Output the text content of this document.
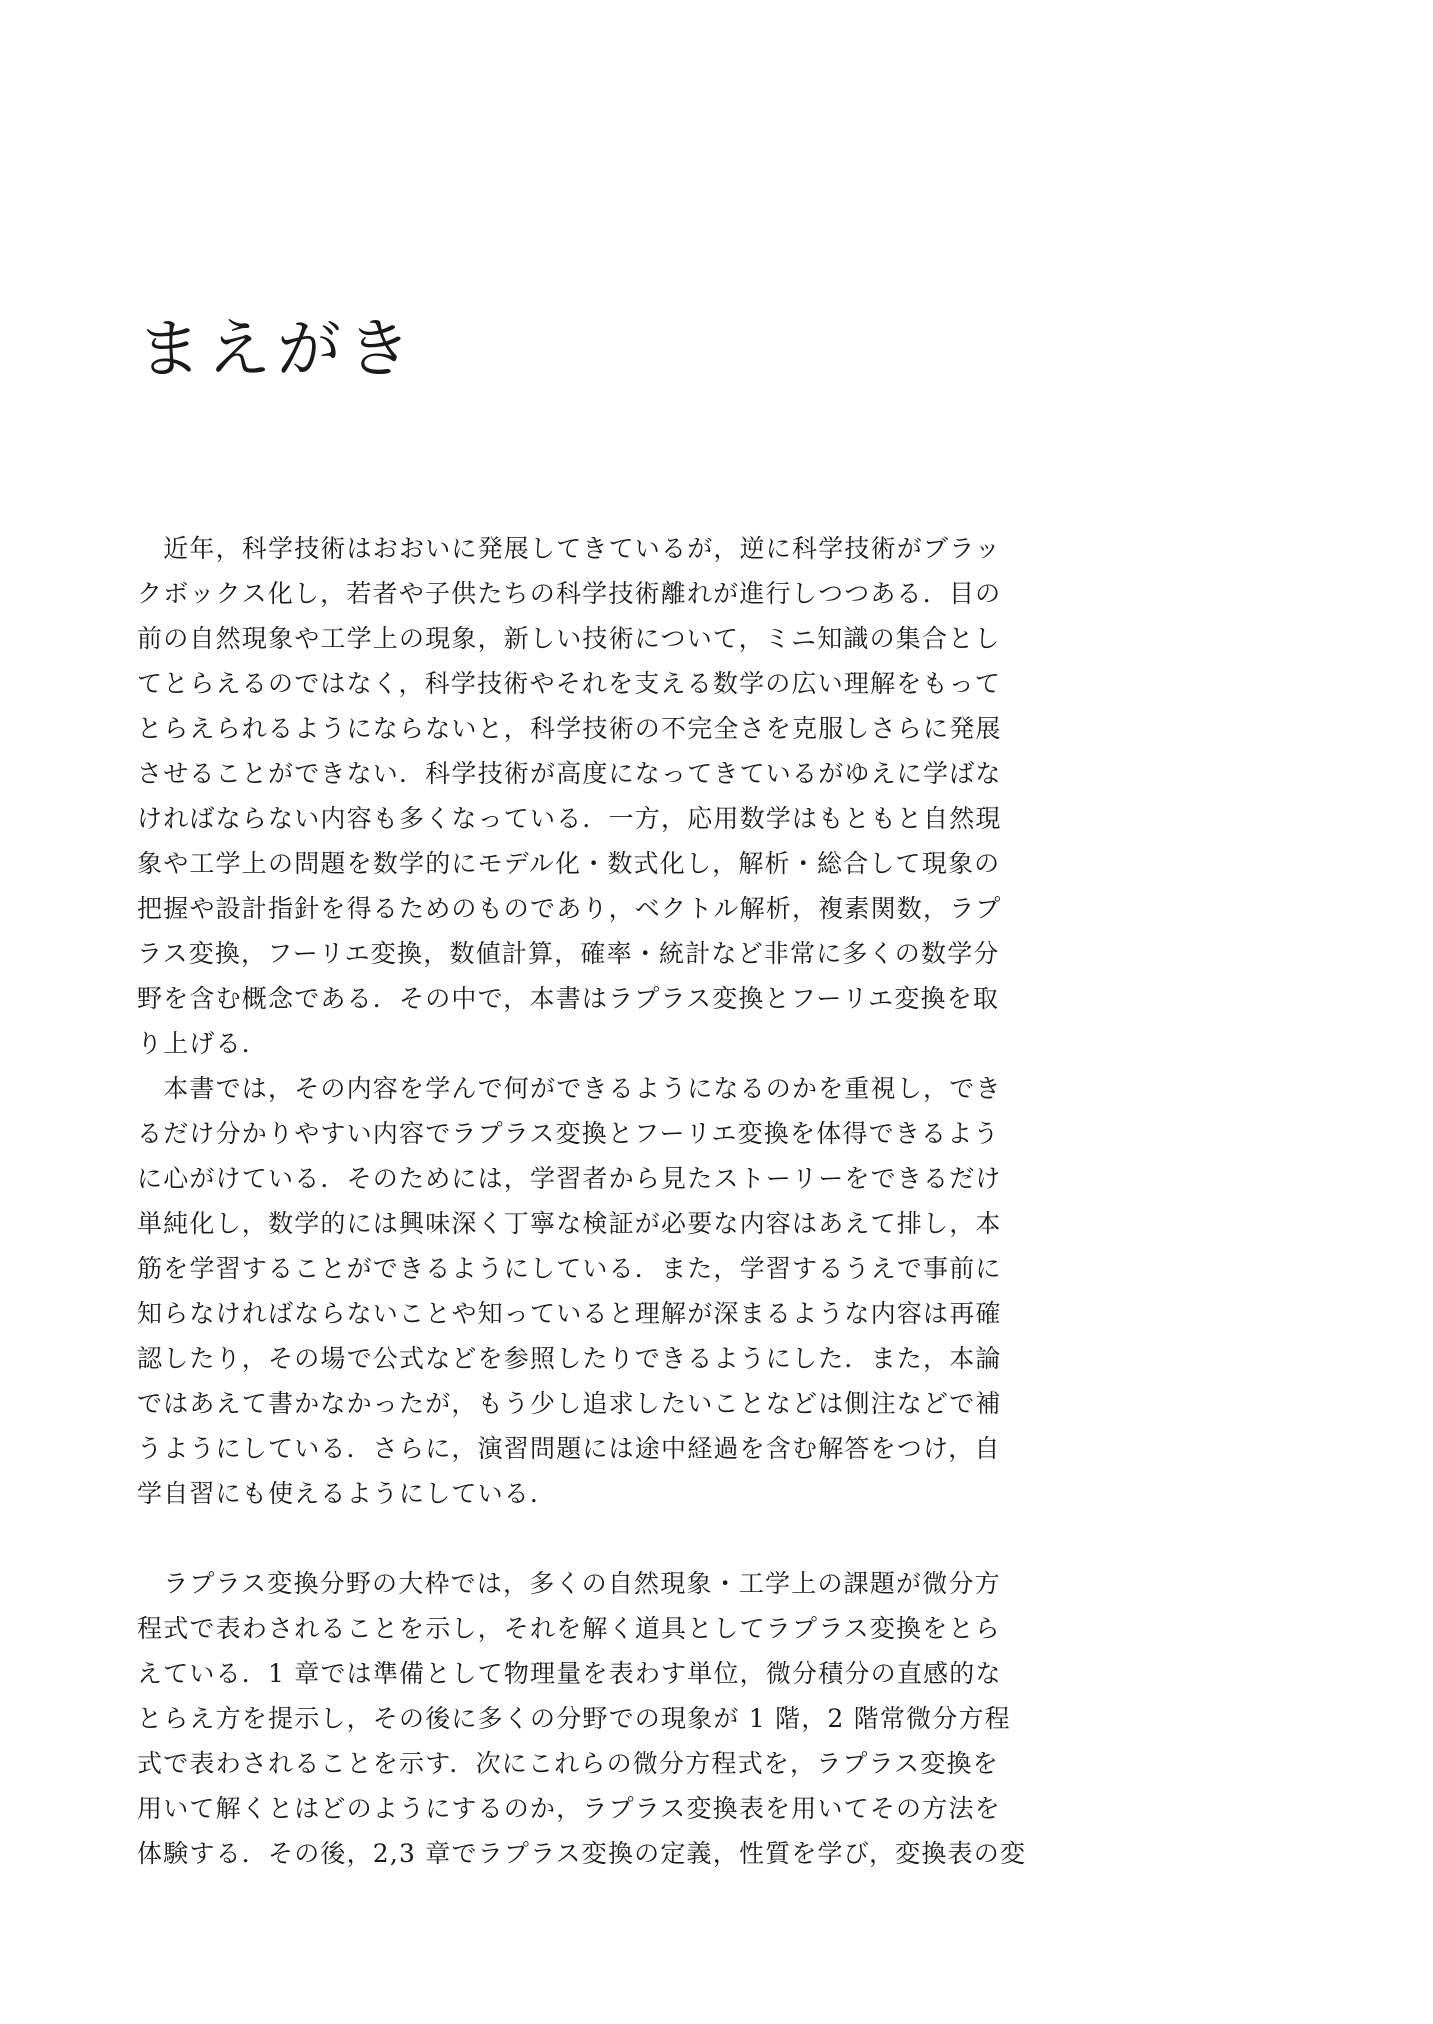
まえがき
　近年，科学技術はおおいに発展してきているが，逆に科学技術がブラッ
クボックス化し，若者や子供たちの科学技術離れが進行しつつある．目の
前の自然現象や工学上の現象，新しい技術について，ミニ知識の集合とし
てとらえるのではなく，科学技術やそれを支える数学の広い理解をもって
とらえられるようにならないと，科学技術の不完全さを克服しさらに発展
させることができない．科学技術が高度になってきているがゆえに学ばな
ければならない内容も多くなっている．一方，応用数学はもともと自然現
象や工学上の問題を数学的にモデル化・数式化し，解析・総合して現象の
把握や設計指針を得るためのものであり，ベクトル解析，複素関数，ラプ
ラス変換，フーリエ変換，数値計算，確率・統計など非常に多くの数学分
野を含む概念である．その中で，本書はラプラス変換とフーリエ変換を取
り上げる．
　本書では，その内容を学んで何ができるようになるのかを重視し，でき
るだけ分かりやすい内容でラプラス変換とフーリエ変換を体得できるよう
に心がけている．そのためには，学習者から見たストーリーをできるだけ
単純化し，数学的には興味深く丁寧な検証が必要な内容はあえて排し，本
筋を学習することができるようにしている．また，学習するうえで事前に
知らなければならないことや知っていると理解が深まるような内容は再確
認したり，その場で公式などを参照したりできるようにした．また，本論
ではあえて書かなかったが，もう少し追求したいことなどは側注などで補
うようにしている．さらに，演習問題には途中経過を含む解答をつけ，自
学自習にも使えるようにしている．
　ラプラス変換分野の大枠では，多くの自然現象・工学上の課題が微分方
程式で表わされることを示し，それを解く道具としてラプラス変換をとら
えている．1 章では準備として物理量を表わす単位，微分積分の直感的な
とらえ方を提示し，その後に多くの分野での現象が 1 階，2 階常微分方程
式で表わされることを示す．次にこれらの微分方程式を，ラプラス変換を
用いて解くとはどのようにするのか，ラプラス変換表を用いてその方法を
体験する．その後，2,3 章でラプラス変換の定義，性質を学び，変換表の変
